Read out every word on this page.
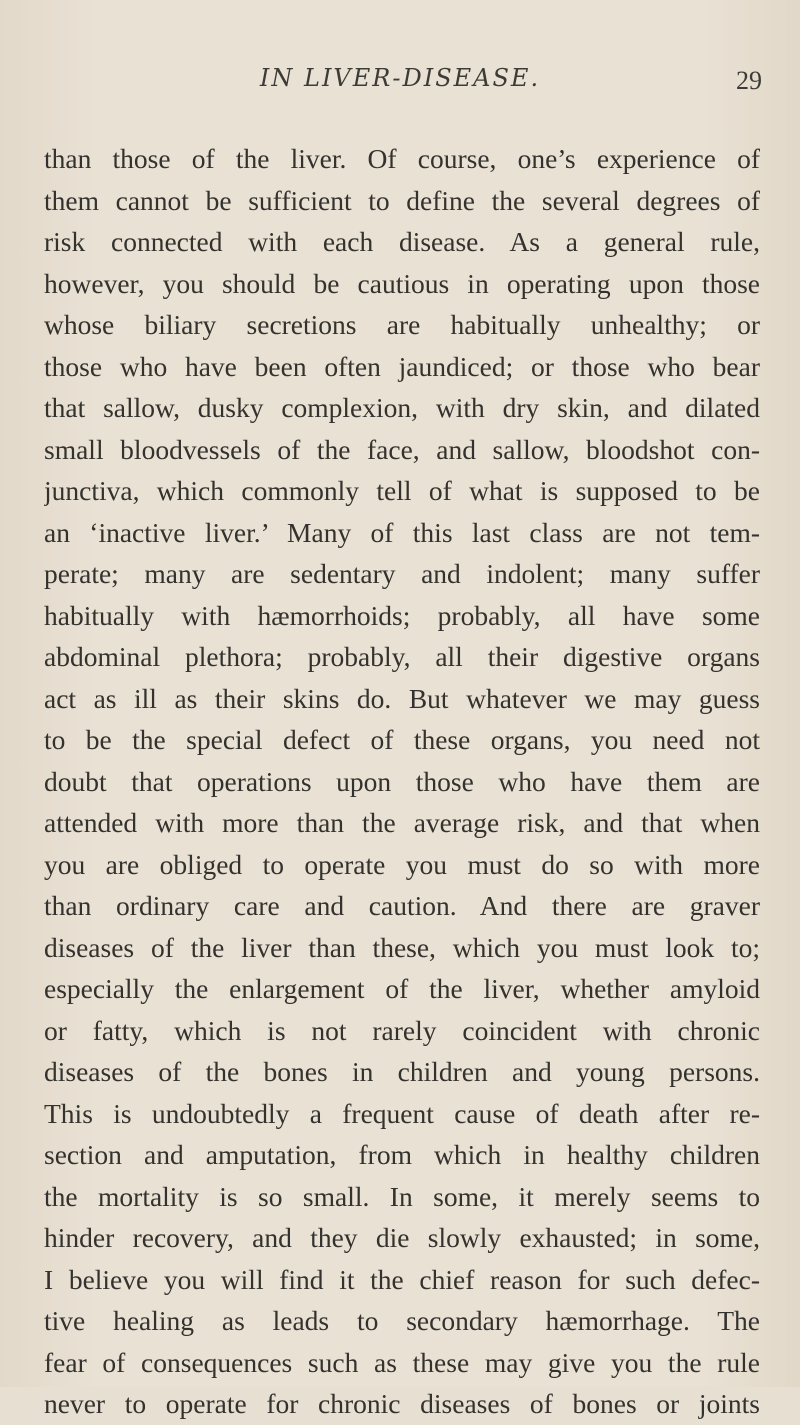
IN LIVER-DISEASE.	29
than those of the liver. Of course, one’s experience of
them cannot be sufficient to define the several degrees of
risk connected with each disease. As a general rule,
however, you should be cautious in operating upon those
whose biliary secretions are habitually unhealthy; or
those who have been often jaundiced; or those who bear
that sallow, dusky complexion, with dry skin, and dilated
small bloodvessels of the face, and sallow, bloodshot con-
junctiva, which commonly tell of what is supposed to be
an ‘inactive liver.’ Many of this last class are not tem-
perate; many are sedentary and indolent; many suffer
habitually with hæmorrhoids; probably, all have some
abdominal plethora; probably, all their digestive organs
act as ill as their skins do. But whatever we may guess
to be the special defect of these organs, you need not
doubt that operations upon those who have them are
attended with more than the average risk, and that when
you are obliged to operate you must do so with more
than ordinary care and caution. And there are graver
diseases of the liver than these, which you must look to;
especially the enlargement of the liver, whether amyloid
or fatty, which is not rarely coincident with chronic
diseases of the bones in children and young persons.
This is undoubtedly a frequent cause of death after re-
section and amputation, from which in healthy children
the mortality is so small. In some, it merely seems to
hinder recovery, and they die slowly exhausted; in some,
I believe you will find it the chief reason for such defec-
tive healing as leads to secondary hæmorrhage. The
fear of consequences such as these may give you the rule
never to operate for chronic diseases of bones or joints
